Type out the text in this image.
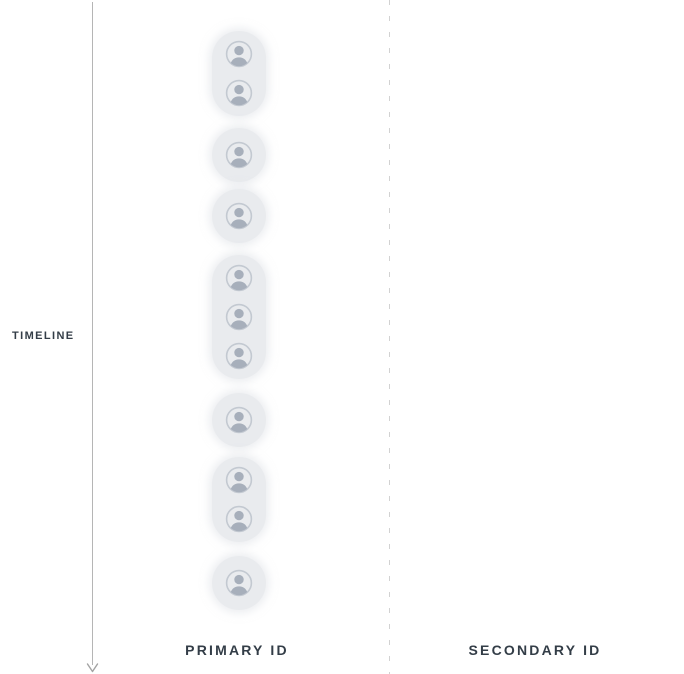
TIMELINE
PRIMARY ID	SECONDARY ID
